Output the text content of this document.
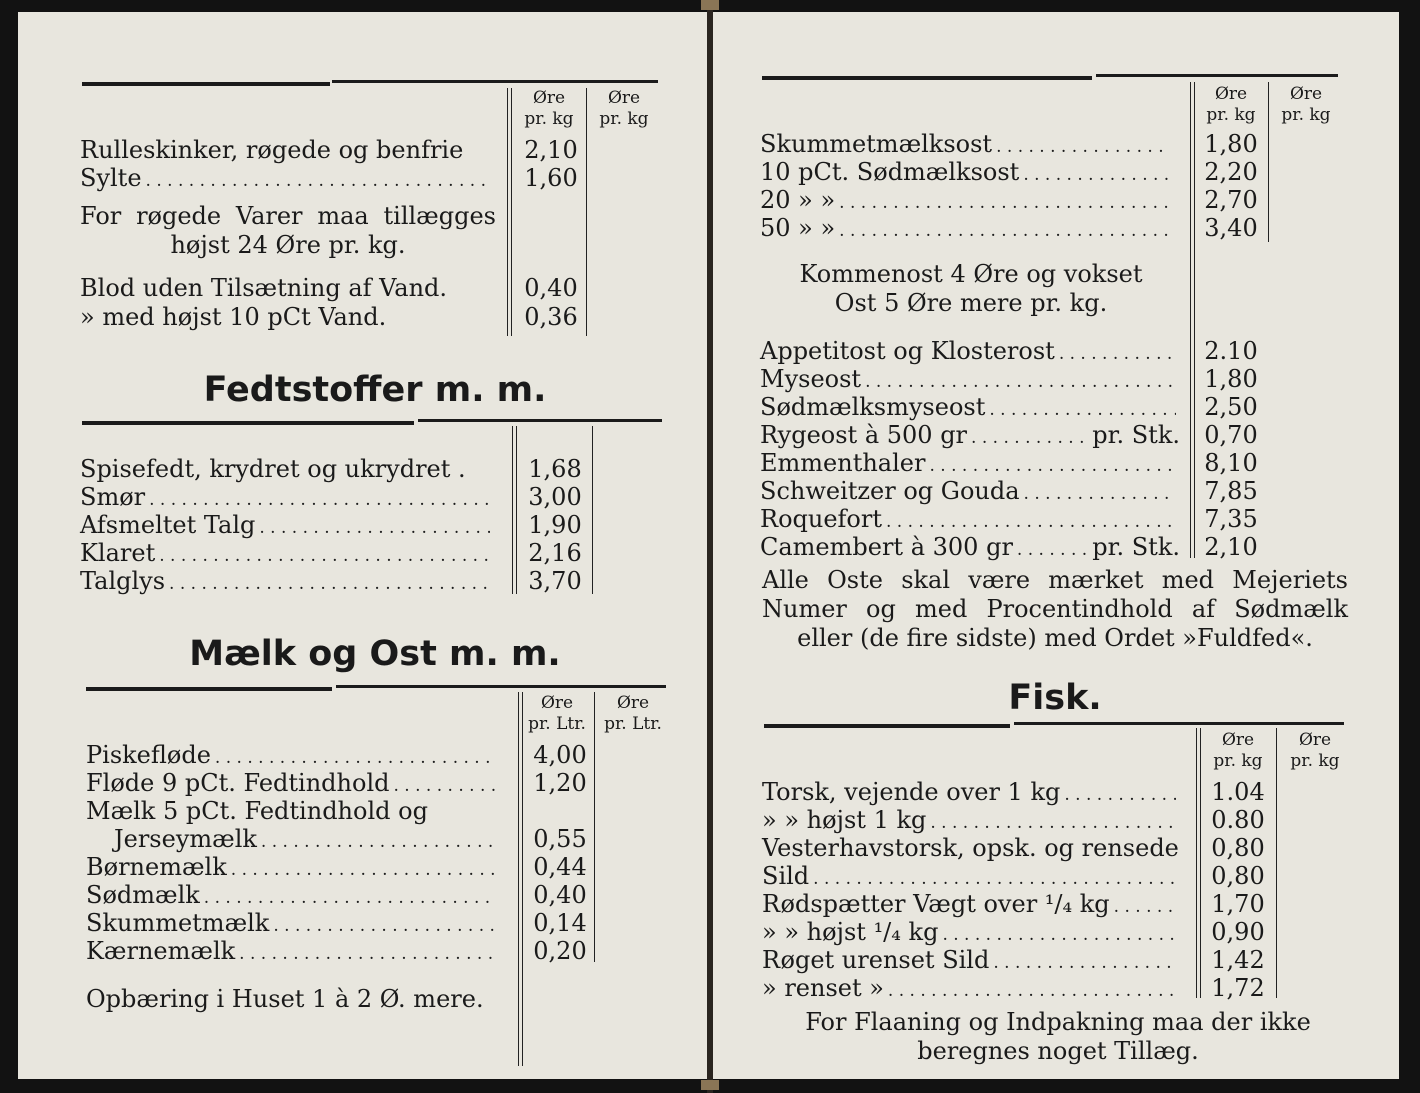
Øre
pr. kg
Øre
pr. kg
Rulleskinker, røgede og benfrie	2,10
Sylte . . .	1,60
For røgede Varer maa tillægges
højst 24 Øre pr. kg.
Blod uden Tilsætning af Vand.	0,40
» med højst 10 pCt Vand.	0,36
Fedtstoffer m. m.
Spisefedt, krydret og ukrydret .	1,68
Smør . . .	3,00
Afsmeltet Talg . . .	1,90
Klaret . . .	2,16
Talglys . . .	3,70
Mælk og Ost m. m.
Øre
pr. Ltr.
Øre
pr. Ltr.
Piskefløde . . .	4,00
Fløde 9 pCt. Fedtindhold . . .	1,20
Mælk 5 pCt. Fedtindhold og
Jerseymælk . . .	0,55
Børnemælk . . .	0,44
Sødmælk . . .	0,40
Skummetmælk . . .	0,14
Kærnemælk . . .	0,20
Opbæring i Huset 1 à 2 Ø. mere.
Øre
pr. kg
Øre
pr. kg
Skummetmælksost . . .	1,80
10 pCt. Sødmælksost . . .	2,20
20 » » . . .	2,70
50 » » . . .	3,40
Kommenost 4 Øre og vokset
Ost 5 Øre mere pr. kg.
Appetitost og Klosterost . . .	2.10
Myseost . . .	1,80
Sødmælksmyseost . . .	2,50
Rygeost à 500 gr . . .	pr. Stk.	0,70
Emmenthaler . . .	8,10
Schweitzer og Gouda . . .	7,85
Roquefort . . .	7,35
Camembert à 300 gr . . .	pr. Stk.	2,10
Alle Oste skal være mærket med Mejeriets
Numer og med Procentindhold af Sødmælk
eller (de fire sidste) med Ordet »Fuldfed«.
Fisk.
Øre
pr. kg
Øre
pr. kg
Torsk, vejende over 1 kg . . .	1.04
» » højst 1 kg . . .	0.80
Vesterhavstorsk, opsk. og rensede	0,80
Sild . . .	0,80
Rødspætter Vægt over ¹/₄ kg . . .	1,70
» » højst ¹/₄ kg . . .	0,90
Røget urenset Sild . . .	1,42
» renset » . . .	1,72
For Flaaning og Indpakning maa der ikke
beregnes noget Tillæg.
